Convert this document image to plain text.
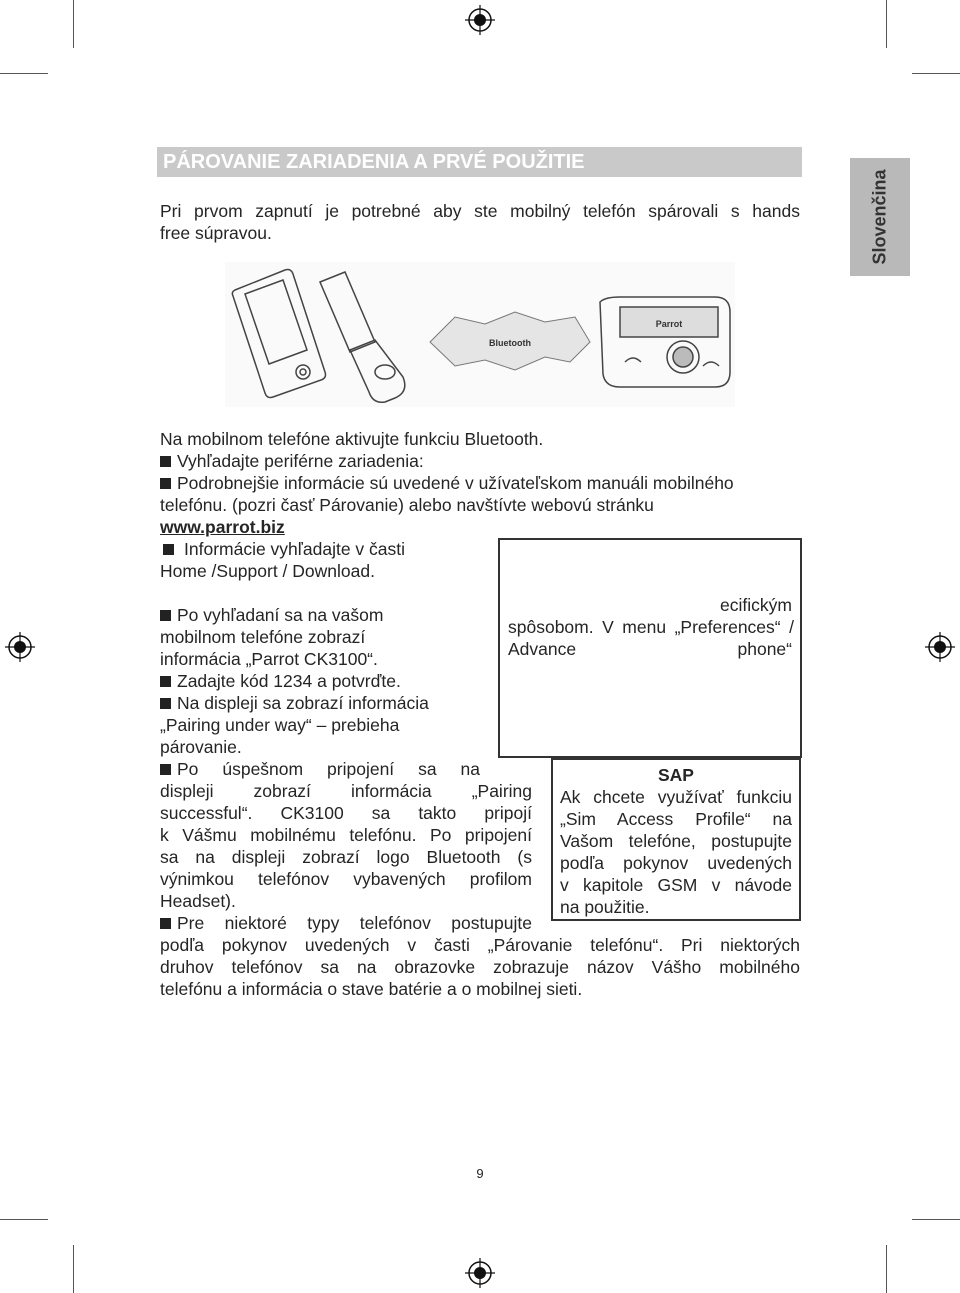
PÁROVANIE ZARIADENIA A PRVÉ POUŽITIE
Slovenčina
Pri prvom zapnutí je potrebné aby ste mobilný telefón spárovali s hands
free súpravou.
Bluetooth
Parrot
Na mobilnom telefóne aktivujte funkciu Bluetooth.
Vyhľadajte periférne zariadenia:
Podrobnejšie informácie sú uvedené v užívateľskom manuáli mobilného
telefónu. (pozri časť Párovanie) alebo navštívte webovú stránku
www.parrot.biz
Informácie vyhľadajte v časti
Home /Support / Download.
Po vyhľadaní sa na vašom
mobilnom telefóne zobrazí
informácia „Parrot CK3100“.
Zadajte kód 1234 a potvrďte.
Na displeji sa zobrazí informácia
„Pairing under way“ – prebieha
párovanie.
Po úspešnom pripojení sa na
displeji zobrazí informácia „Pairing
successful“. CK3100 sa takto pripojí
k Vášmu mobilnému telefónu. Po pripojení
sa na displeji zobrazí logo Bluetooth (s
výnimkou telefónov vybavených profilom
Headset).
Pre niektoré typy telefónov postupujte
podľa pokynov uvedených v časti „Párovanie telefónu“. Pri niektorých
druhov telefónov sa na obrazovke zobrazuje názov Vášho mobilného
telefónu a informácia o stave batérie a o mobilnej sieti.
ecifickým
spôsobom. V menu „Preferences“ /
Advance	phone“
SAP
Ak chcete využívať funkciu
„Sim Access Profile“ na
Vašom telefóne, postupujte
podľa pokynov uvedených
v kapitole GSM v návode
na použitie.
9
